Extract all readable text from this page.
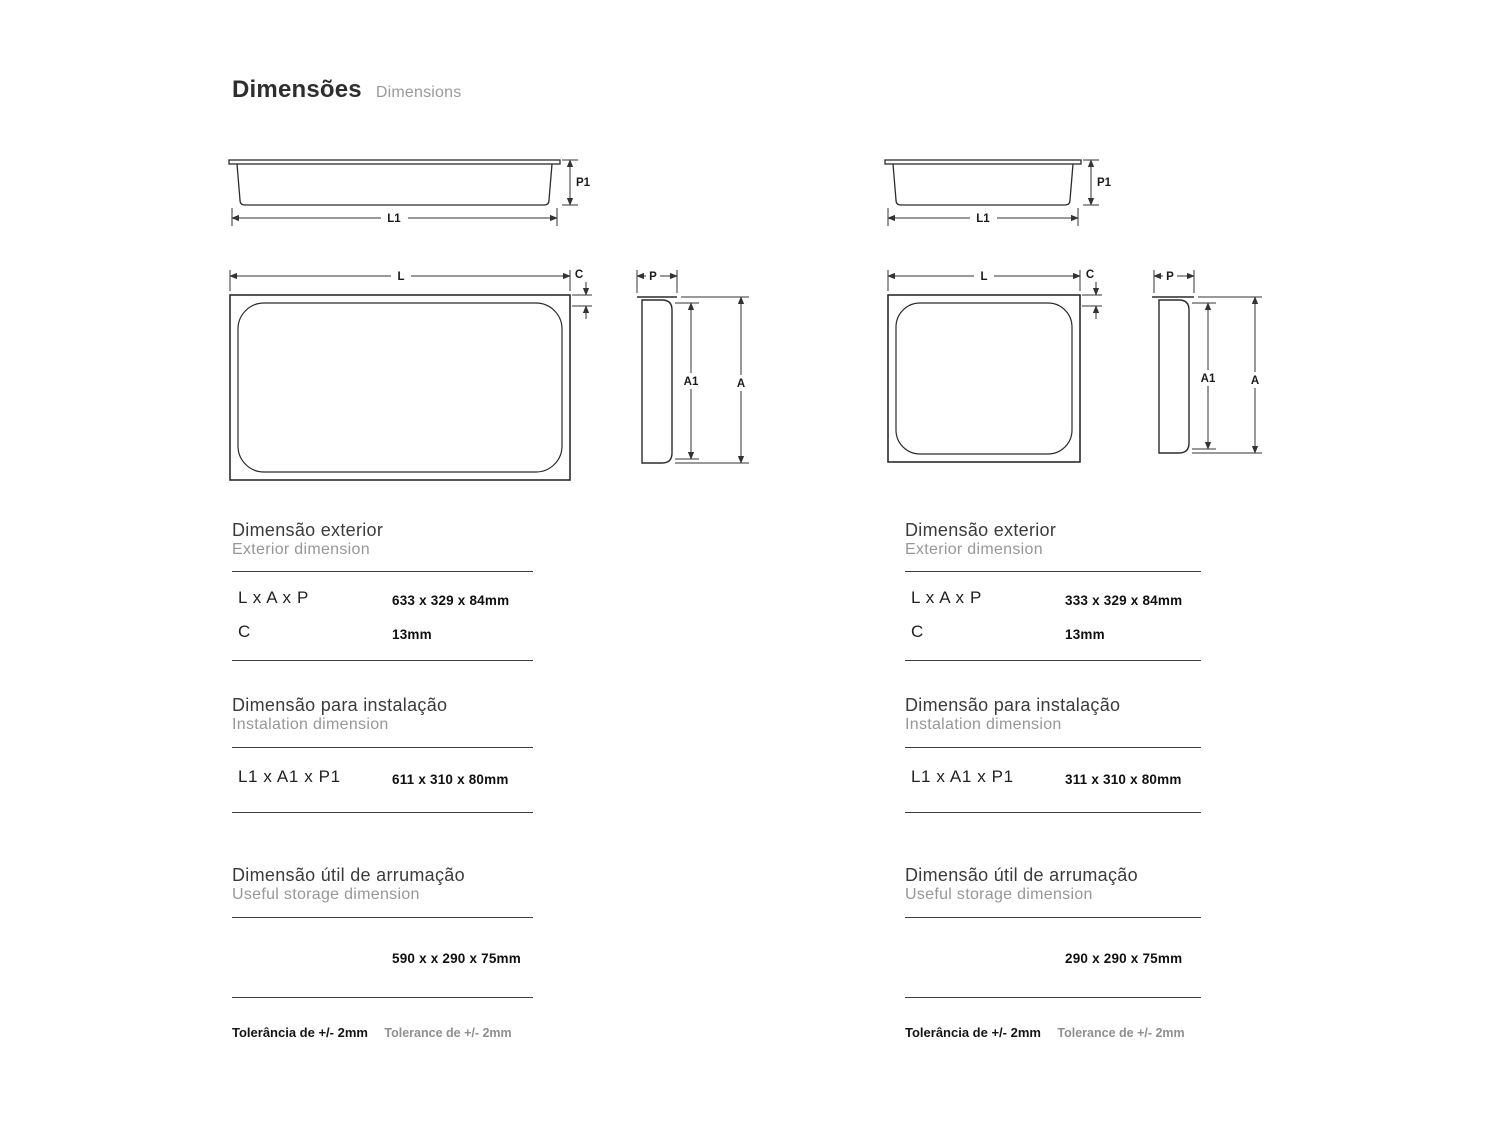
Dimensões Dimensions
P1
L1
L	C	P
A1	A
P1
L1
L	C	P
A1	A
Dimensão exterior
Exterior dimension
L x A x P	633 x 329 x 84mm
C	13mm
Dimensão para instalação
Instalation dimension
L1 x A1 x P1	611 x 310 x 80mm
Dimensão útil de arrumação
Useful storage dimension
590 x x 290 x 75mm
Tolerância de +/- 2mm Tolerance de +/- 2mm
Dimensão exterior
Exterior dimension
L x A x P	333 x 329 x 84mm
C	13mm
Dimensão para instalação
Instalation dimension
L1 x A1 x P1	311 x 310 x 80mm
Dimensão útil de arrumação
Useful storage dimension
290 x 290 x 75mm
Tolerância de +/- 2mm Tolerance de +/- 2mm
